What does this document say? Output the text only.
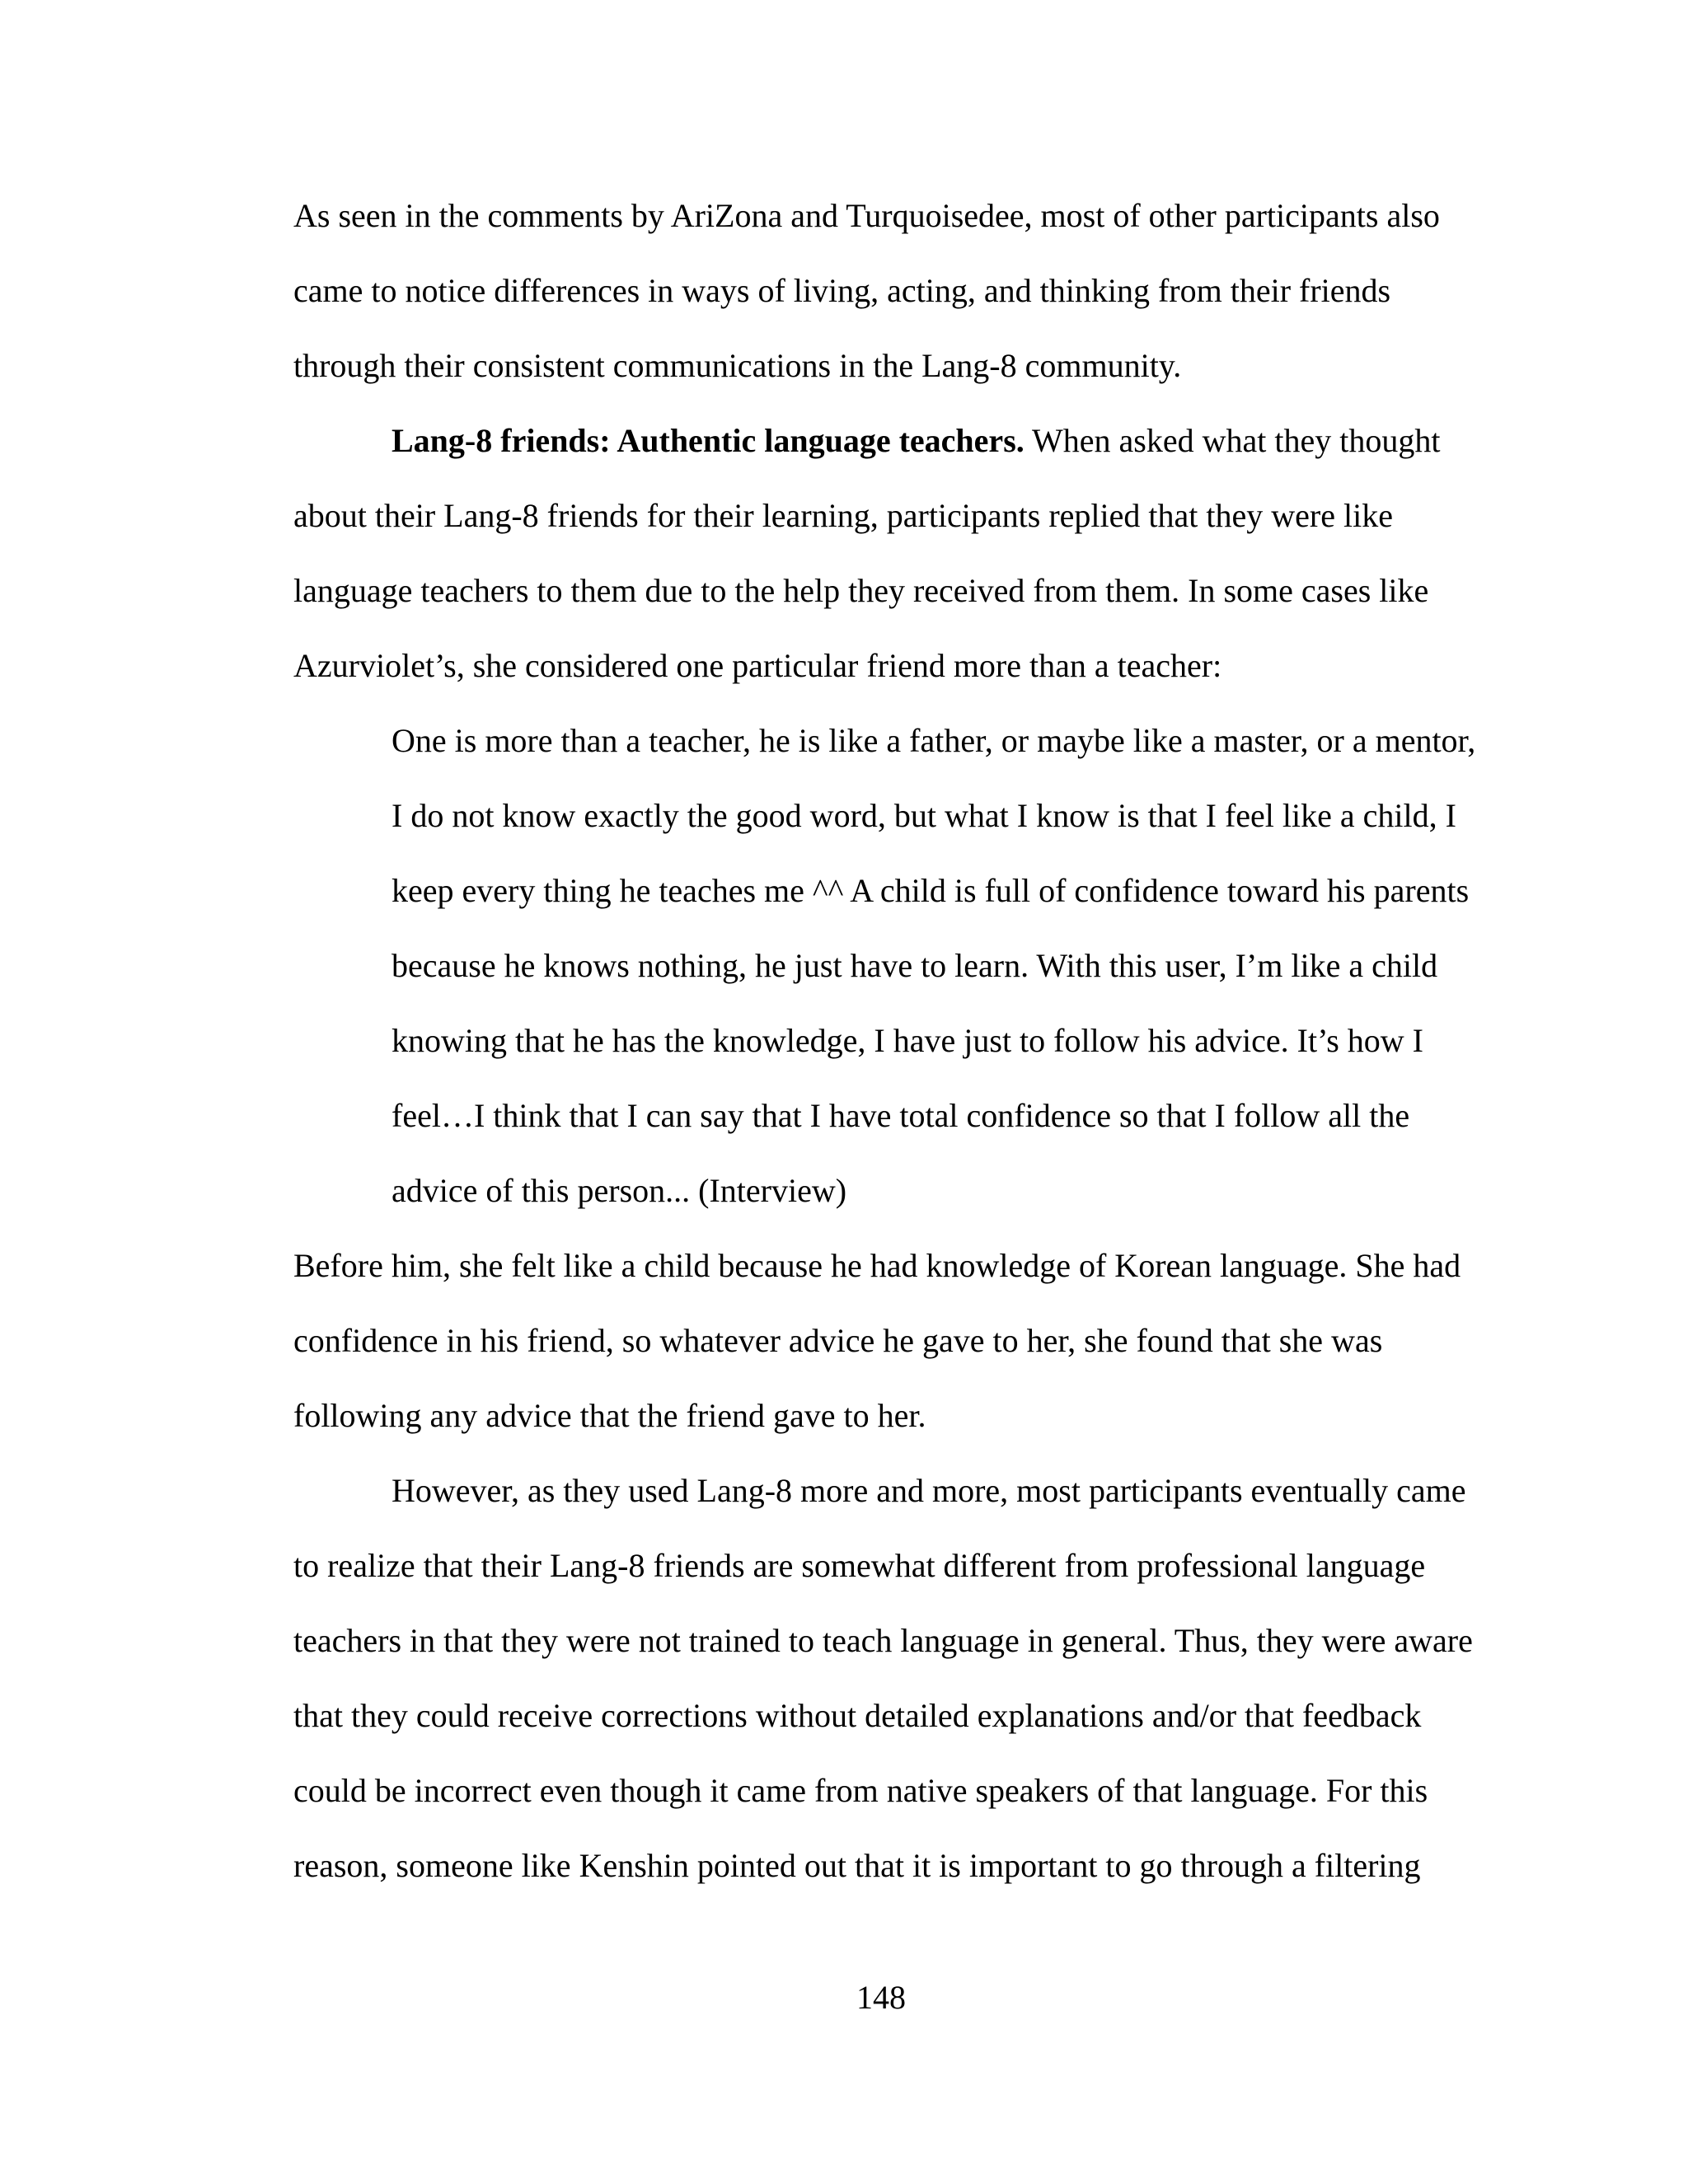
As seen in the comments by AriZona and Turquoisedee, most of other participants also
came to notice differences in ways of living, acting, and thinking from their friends
through their consistent communications in the Lang-8 community.
Lang-8 friends: Authentic language teachers. When asked what they thought
about their Lang-8 friends for their learning, participants replied that they were like
language teachers to them due to the help they received from them. In some cases like
Azurviolet’s, she considered one particular friend more than a teacher:
One is more than a teacher, he is like a father, or maybe like a master, or a mentor,
I do not know exactly the good word, but what I know is that I feel like a child, I
keep every thing he teaches me ^^ A child is full of confidence toward his parents
because he knows nothing, he just have to learn. With this user, I’m like a child
knowing that he has the knowledge, I have just to follow his advice. It’s how I
feel…I think that I can say that I have total confidence so that I follow all the
advice of this person... (Interview)
Before him, she felt like a child because he had knowledge of Korean language. She had
confidence in his friend, so whatever advice he gave to her, she found that she was
following any advice that the friend gave to her.
However, as they used Lang-8 more and more, most participants eventually came
to realize that their Lang-8 friends are somewhat different from professional language
teachers in that they were not trained to teach language in general. Thus, they were aware
that they could receive corrections without detailed explanations and/or that feedback
could be incorrect even though it came from native speakers of that language. For this
reason, someone like Kenshin pointed out that it is important to go through a filtering
148
